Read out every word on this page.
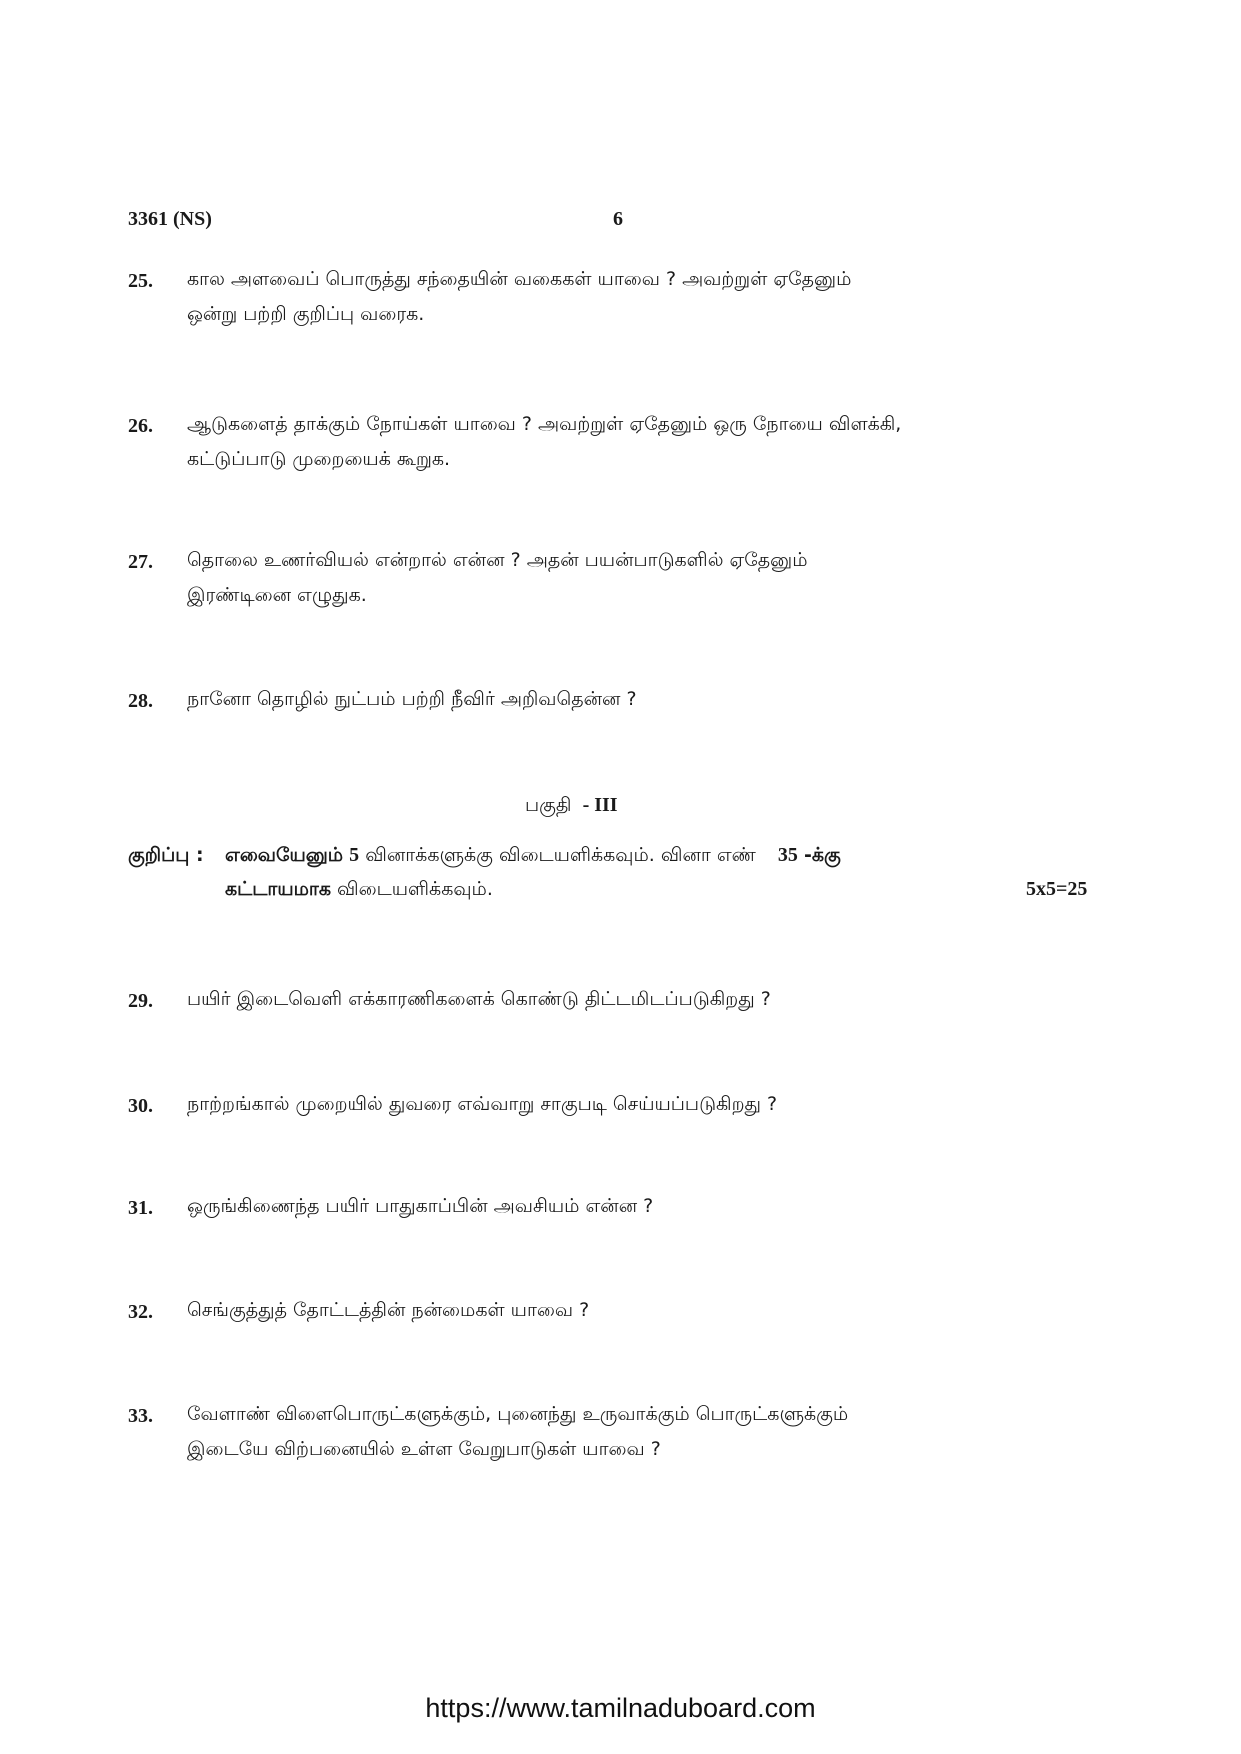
3361 (NS)	6
25.	கால அளவைப் பொருத்து சந்தையின் வகைகள் யாவை ? அவற்றுள் ஏதேனும்
ஒன்று பற்றி குறிப்பு வரைக.
26.	ஆடுகளைத் தாக்கும் நோய்கள் யாவை ? அவற்றுள் ஏதேனும் ஒரு நோயை விளக்கி,
கட்டுப்பாடு முறையைக் கூறுக.
27.	தொலை உணர்வியல் என்றால் என்ன ? அதன் பயன்பாடுகளில் ஏதேனும்
இரண்டினை எழுதுக.
28.	நானோ தொழில் நுட்பம் பற்றி நீவிர் அறிவதென்ன ?
பகுதி - III
குறிப்பு : எவையேனும் 5 வினாக்களுக்கு விடையளிக்கவும். வினா எண் 35 -க்கு
கட்டாயமாக விடையளிக்கவும்.	5x5=25
29.	பயிர் இடைவெளி எக்காரணிகளைக் கொண்டு திட்டமிடப்படுகிறது ?
30.	நாற்றங்கால் முறையில் துவரை எவ்வாறு சாகுபடி செய்யப்படுகிறது ?
31.	ஒருங்கிணைந்த பயிர் பாதுகாப்பின் அவசியம் என்ன ?
32.	செங்குத்துத் தோட்டத்தின் நன்மைகள் யாவை ?
33.	வேளாண் விளைபொருட்களுக்கும், புனைந்து உருவாக்கும் பொருட்களுக்கும்
இடையே விற்பனையில் உள்ள வேறுபாடுகள் யாவை ?
https://www.tamilnaduboard.com
